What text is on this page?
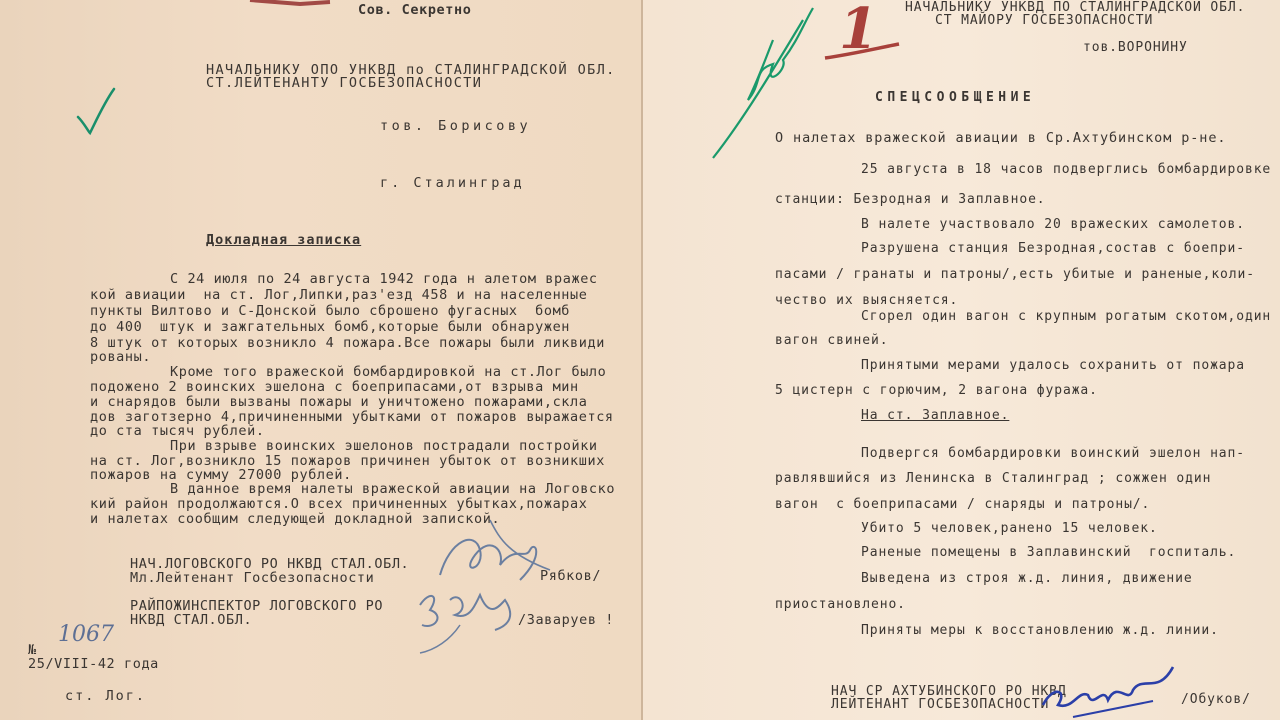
Сов. Секретно
НАЧАЛЬНИКУ ОПО УНКВД по СТАЛИНГРАДСКОЙ ОБЛ.
СТ.ЛЕЙТЕНАНТУ ГОСБЕЗОПАСНОСТИ
тов. Борисову
г. Сталинград
Докладная записка
С 24 июля по 24 августа 1942 года н алетом вражес
кой авиации  на ст. Лог,Липки,раз'езд 458 и на населенные
пункты Вилтово и С-Донской было сброшено фугасных  бомб
до 400  штук и зажгательных бомб,которые были обнаружен
8 штук от которых возникло 4 пожара.Все пожары были ликвиди
рованы.
Кроме того вражеской бомбардировкой на ст.Лог было
подожено 2 воинских эшелона с боеприпасами,от взрыва мин
и снарядов были вызваны пожары и уничтожено пожарами,скла
дов заготзерно 4,причиненными убытками от пожаров выражается
до ста тысяч рублей.
При взрыве воинских эшелонов пострадали постройки
на ст. Лог,возникло 15 пожаров причинен убыток от возникших
пожаров на сумму 27000 рублей.
В данное время налеты вражеской авиации на Логовско
кий район продолжаются.О всех причиненных убытках,пожарах
и налетах сообщим следующей докладной запиской.
НАЧ.ЛОГОВСКОГО РО НКВД СТАЛ.ОБЛ.
Мл.Лейтенант Госбезопасности	Рябков/
РАЙПОЖИНСПЕКТОР ЛОГОВСКОГО РО
НКВД СТАЛ.ОБЛ.	/Заваруев !
№
1067
25/VIII-42 года
ст. Лог.
1 НАЧАЛЬНИКУ УНКВД ПО СТАЛИНГРАДСКОЙ ОБЛ.
СТ МАЙОРУ ГОСБЕЗОПАСНОСТИ
тов.ВОРОНИНУ
СПЕЦСООБЩЕНИЕ
О налетах вражеской авиации в Ср.Ахтубинском р-не.
25 августа в 18 часов подверглись бомбардировке
станции: Безродная и Заплавное.
В налете участвовало 20 вражеских самолетов.
Разрушена станция Безродная,состав с боепри-
пасами / гранаты и патроны/,есть убитые и раненые,коли-
чество их выясняется.
Сгорел один вагон с крупным рогатым скотом,один
вагон свиней.
Принятыми мерами удалось сохранить от пожара
5 цистерн с горючим, 2 вагона фуража.
На ст. Заплавное.
Подвергся бомбардировки воинский эшелон нап-
равлявшийся из Ленинска в Сталинград ; сожжен один
вагон  с боеприпасами / снаряды и патроны/.
Убито 5 человек,ранено 15 человек.
Раненые помещены в Заплавинский  госпиталь.
Выведена из строя ж.д. линия, движение
приостановлено.
Приняты меры к восстановлению ж.д. линии.
НАЧ СР АХТУБИНСКОГО РО НКВД
ЛЕЙТЕНАНТ ГОСБЕЗОПАСНОСТИ	/Обуков/
